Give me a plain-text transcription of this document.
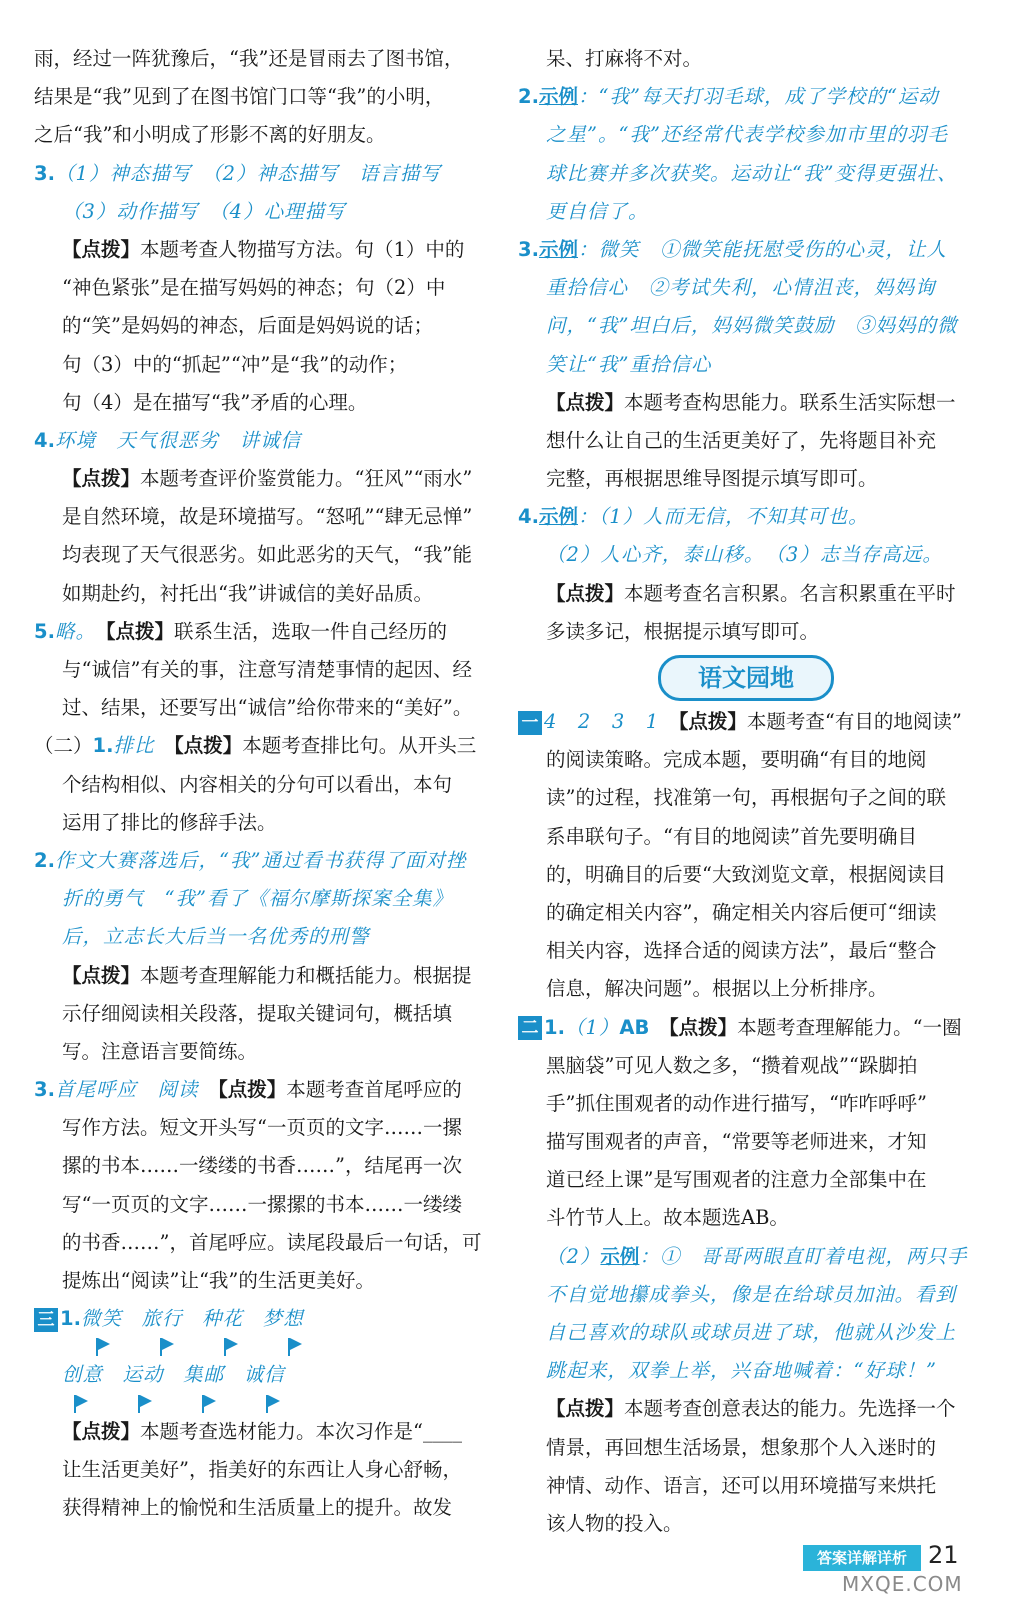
雨，经过一阵犹豫后，“我”还是冒雨去了图书馆，
结果是“我”见到了在图书馆门口等“我”的小明，
之后“我”和小明成了形影不离的好朋友。
3.（1）神态描写　（2）神态描写　语言描写
（3）动作描写　（4）心理描写
【点拨】本题考查人物描写方法。句（1）中的
“神色紧张”是在描写妈妈的神态；句（2）中
的“笑”是妈妈的神态，后面是妈妈说的话；
句（3）中的“抓起”“冲”是“我”的动作；
句（4）是在描写“我”矛盾的心理。
4.环境　天气很恶劣　讲诚信
【点拨】本题考查评价鉴赏能力。“狂风”“雨水”
是自然环境，故是环境描写。“怒吼”“肆无忌惮”
均表现了天气很恶劣。如此恶劣的天气，“我”能
如期赴约，衬托出“我”讲诚信的美好品质。
5.略。　 【点拨】联系生活，选取一件自己经历的
与“诚信”有关的事，注意写清楚事情的起因、经
过、结果，还要写出“诚信”给你带来的“美好”。
（二）1.排比　 【点拨】本题考查排比句。从开头三
个结构相似、内容相关的分句可以看出，本句
运用了排比的修辞手法。
2.作文大赛落选后，“我”通过看书获得了面对挫
折的勇气　“我”看了《福尔摩斯探案全集》
后，立志长大后当一名优秀的刑警
【点拨】本题考查理解能力和概括能力。根据提
示仔细阅读相关段落，提取关键词句，概括填
写。注意语言要简练。
3.首尾呼应　阅读　 【点拨】本题考查首尾呼应的
写作方法。短文开头写“一页页的文字……一摞
摞的书本……一缕缕的书香……”，结尾再一次
写“一页页的文字……一摞摞的书本……一缕缕
的书香……”，首尾呼应。读尾段最后一句话，可
提炼出“阅读”让“我”的生活更美好。
三 1.微笑　 旅行　 种花　 梦想
创意　 运动　 集邮　 诚信
【点拨】本题考查选材能力。本次习作是“____
让生活更美好”，指美好的东西让人身心舒畅，
获得精神上的愉悦和生活质量上的提升。故发
呆、打麻将不对。
2.示例：“我”每天打羽毛球，成了学校的“运动
之星”。“我”还经常代表学校参加市里的羽毛
球比赛并多次获奖。运动让“我”变得更强壮、
更自信了。
3.示例：微笑　①微笑能抚慰受伤的心灵，让人
重拾信心　②考试失利，心情沮丧，妈妈询
问，“我”坦白后，妈妈微笑鼓励　③妈妈的微
笑让“我”重拾信心
【点拨】本题考查构思能力。联系生活实际想一
想什么让自己的生活更美好了，先将题目补充
完整，再根据思维导图提示填写即可。
4.示例：（1）人而无信，不知其可也。
（2）人心齐，泰山移。　（3）志当存高远。
【点拨】本题考查名言积累。名言积累重在平时
多读多记，根据提示填写即可。
语文园地
一 4　2　3　1　 【点拨】本题考查“有目的地阅读”
的阅读策略。完成本题，要明确“有目的地阅
读”的过程，找准第一句，再根据句子之间的联
系串联句子。“有目的地阅读”首先要明确目
的，明确目的后要“大致浏览文章，根据阅读目
的确定相关内容”，确定相关内容后便可“细读
相关内容，选择合适的阅读方法”，最后“整合
信息，解决问题”。根据以上分析排序。
二 1.（1）AB　 【点拨】本题考查理解能力。“一圈
黑脑袋”可见人数之多，“攒着观战”“跺脚拍
手”抓住围观者的动作进行描写，“咋咋呼呼”
描写围观者的声音，“常要等老师进来，才知
道已经上课”是写围观者的注意力全部集中在
斗竹节人上。故本题选AB。
（2）示例：①　哥哥两眼直盯着电视，两只手
不自觉地攥成拳头，像是在给球员加油。看到
自己喜欢的球队或球员进了球，他就从沙发上
跳起来，双拳上举，兴奋地喊着：“好球！”
【点拨】本题考查创意表达的能力。先选择一个
情景，再回想生活场景，想象那个人入迷时的
神情、动作、语言，还可以用环境描写来烘托
该人物的投入。
答案详解详析 21
MXQE.COM
